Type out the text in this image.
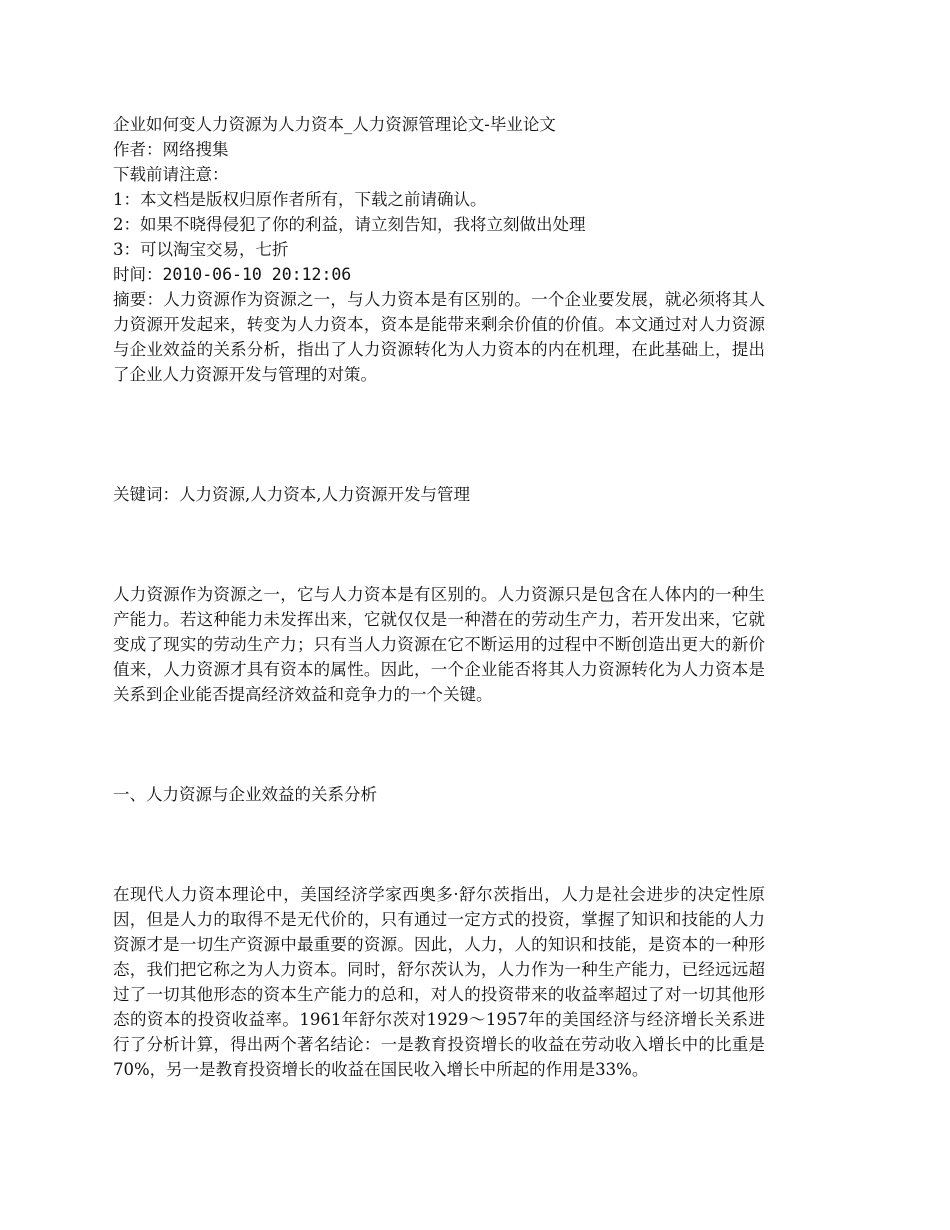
企业如何变人力资源为人力资本_人力资源管理论文-毕业论文

作者：网络搜集

下载前请注意：

1：本文档是版权归原作者所有，下载之前请确认。

2：如果不晓得侵犯了你的利益，请立刻告知，我将立刻做出处理

3：可以淘宝交易，七折

时间：2010-06-10 20:12:06

摘要：人力资源作为资源之一，与人力资本是有区别的。一个企业要发展，就必须将其人力资源开发起来，转变为人力资本，资本是能带来剩余价值的价值。本文通过对人力资源与企业效益的关系分析，指出了人力资源转化为人力资本的内在机理，在此基础上，提出了企业人力资源开发与管理的对策。

关键词：人力资源,人力资本,人力资源开发与管理

人力资源作为资源之一，它与人力资本是有区别的。人力资源只是包含在人体内的一种生产能力。若这种能力未发挥出来，它就仅仅是一种潜在的劳动生产力，若开发出来，它就变成了现实的劳动生产力；只有当人力资源在它不断运用的过程中不断创造出更大的新价值来，人力资源才具有资本的属性。因此，一个企业能否将其人力资源转化为人力资本是关系到企业能否提高经济效益和竞争力的一个关键。

一、人力资源与企业效益的关系分析

在现代人力资本理论中，美国经济学家西奥多·舒尔茨指出，人力是社会进步的决定性原因，但是人力的取得不是无代价的，只有通过一定方式的投资，掌握了知识和技能的人力资源才是一切生产资源中最重要的资源。因此，人力，人的知识和技能，是资本的一种形态，我们把它称之为人力资本。同时，舒尔茨认为，人力作为一种生产能力，已经远远超过了一切其他形态的资本生产能力的总和，对人的投资带来的收益率超过了对一切其他形态的资本的投资收益率。1961年舒尔茨对1929～1957年的美国经济与经济增长关系进行了分析计算，得出两个著名结论：一是教育投资增长的收益在劳动收入增长中的比重是70%，另一是教育投资增长的收益在国民收入增长中所起的作用是33%。
